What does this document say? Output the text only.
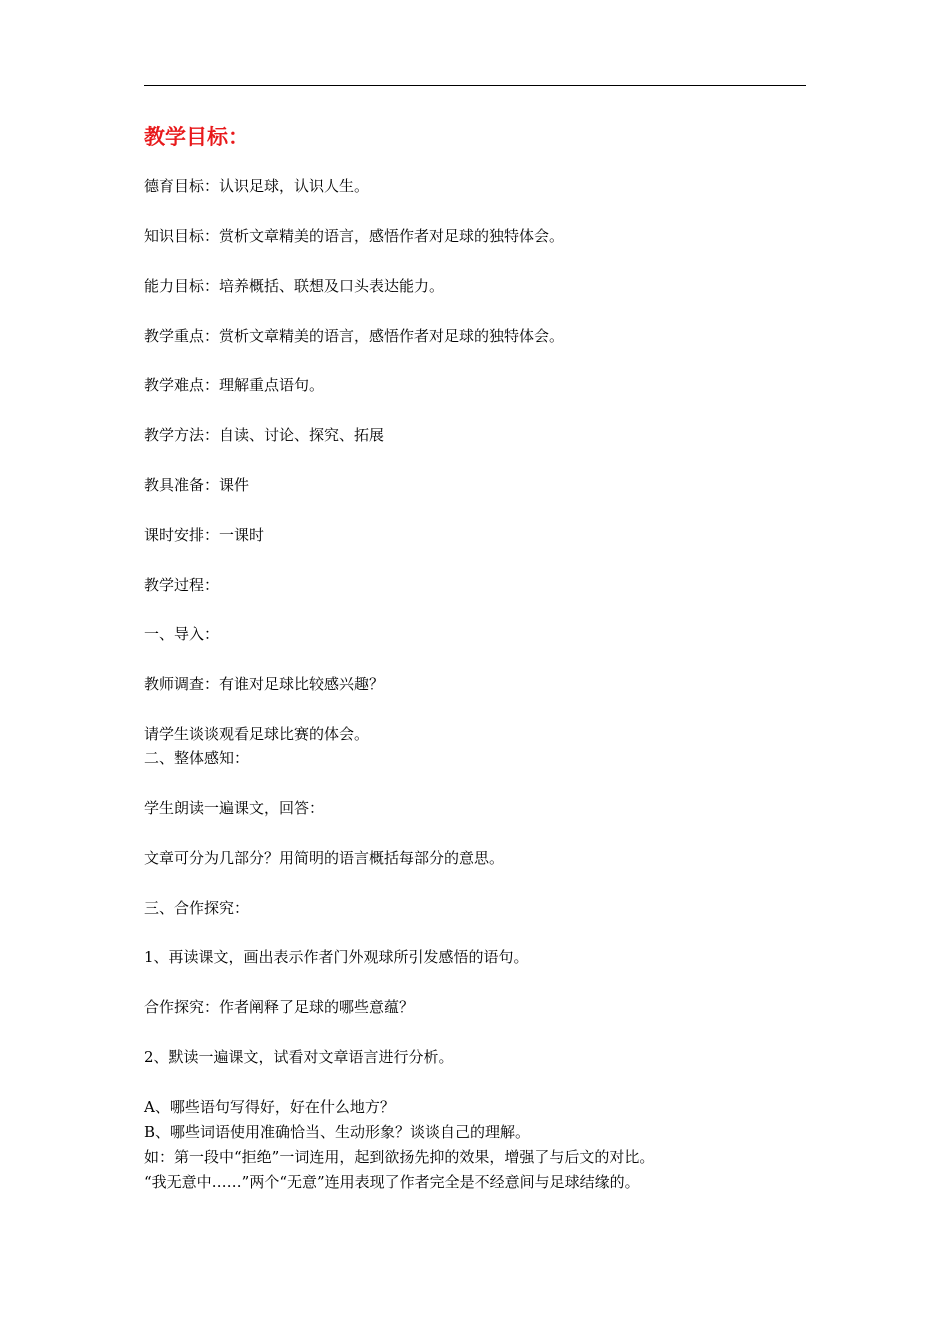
教学目标：
德育目标：认识足球，认识人生。
知识目标：赏析文章精美的语言，感悟作者对足球的独特体会。
能力目标：培养概括、联想及口头表达能力。
教学重点：赏析文章精美的语言，感悟作者对足球的独特体会。
教学难点：理解重点语句。
教学方法：自读、讨论、探究、拓展
教具准备：课件
课时安排：一课时
教学过程：
一、导入：
教师调查：有谁对足球比较感兴趣？
请学生谈谈观看足球比赛的体会。
二、整体感知：
学生朗读一遍课文，回答：
文章可分为几部分？用简明的语言概括每部分的意思。
三、合作探究：
1、再读课文，画出表示作者门外观球所引发感悟的语句。
合作探究：作者阐释了足球的哪些意蕴？
2、默读一遍课文，试看对文章语言进行分析。
A、哪些语句写得好，好在什么地方？
B、哪些词语使用准确恰当、生动形象？谈谈自己的理解。
如：第一段中“拒绝”一词连用，起到欲扬先抑的效果，增强了与后文的对比。
“我无意中……”两个“无意”连用表现了作者完全是不经意间与足球结缘的。
